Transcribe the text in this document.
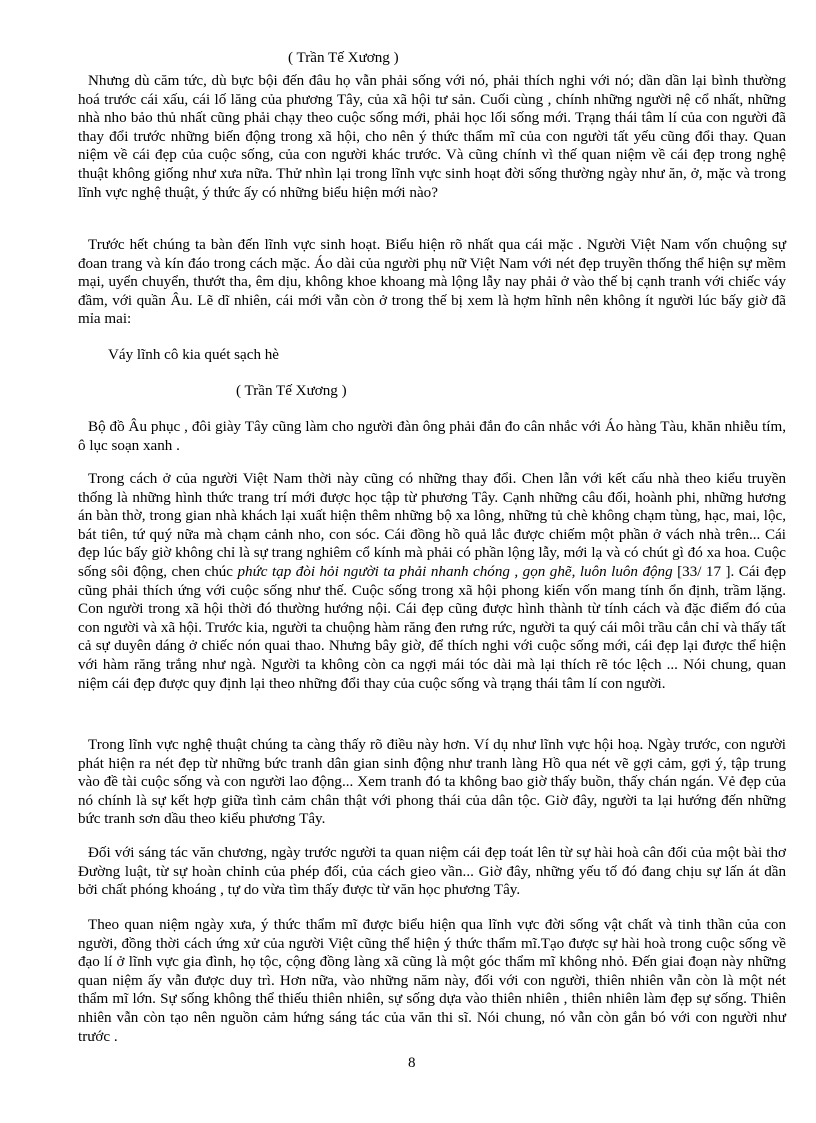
( Trần Tế Xương )

Nhưng dù căm tức, dù bực bội đến đâu họ vẫn phải sống với nó, phải thích nghi với nó; dần dần lại bình thường hoá trước cái xấu, cái lố lăng của phương Tây, của xã hội tư sản. Cuối cùng , chính những người nệ cổ nhất, những nhà nho bảo thủ nhất cũng phải chạy theo cuộc sống mới, phải học lối sống mới. Trạng thái tâm lí của con người đã thay đổi trước những biến động trong xã hội, cho nên ý thức thẩm mĩ của con người tất yếu cũng đổi thay. Quan niệm về cái đẹp của cuộc sống, của con người khác trước. Và cũng chính vì thế quan niệm về cái đẹp trong nghệ thuật không giống như xưa nữa. Thử nhìn lại trong lĩnh vực sinh hoạt đời sống thường ngày như ăn, ở, mặc và trong lĩnh vực nghệ thuật, ý thức ấy có những biểu hiện mới nào?

Trước hết chúng ta bàn đến lĩnh vực sinh hoạt. Biểu hiện rõ nhất qua cái mặc . Người Việt Nam vốn chuộng sự đoan trang và kín đáo trong cách mặc. Áo dài của người phụ nữ Việt Nam với nét đẹp truyền thống thể hiện sự mềm mại, uyển chuyển, thướt tha, êm dịu, không khoe khoang mà lộng lẫy nay phải ở vào thế bị cạnh tranh với chiếc váy đầm, với quần Âu. Lẽ dĩ nhiên, cái mới vẫn còn ở trong thế bị xem là hợm hĩnh nên không ít người lúc bấy giờ đã mỉa mai:

Váy lĩnh cô kia quét sạch hè
( Trần Tế Xương )

Bộ đồ Âu phục , đôi giày Tây cũng làm cho người đàn ông phải đắn đo cân nhắc với Áo hàng Tàu, khăn nhiễu tím, ô lục soạn xanh .

Trong cách ở của người Việt Nam thời này cũng có những thay đổi. Chen lẫn với kết cấu nhà theo kiểu truyền thống là những hình thức trang trí mới được học tập từ phương Tây. Cạnh những câu đối, hoành phi, những hương án bàn thờ, trong gian nhà khách lại xuất hiện thêm những bộ xa lông, những tủ chè không chạm tùng, hạc, mai, lộc, bát tiên, tứ quý nữa mà chạm cảnh nho, con sóc. Cái đồng hồ quả lắc được chiếm một phần ở vách nhà trên... Cái đẹp lúc bấy giờ không chỉ là sự trang nghiêm cổ kính mà phải có phần lộng lẫy, mới lạ và có chút gì đó xa hoa. Cuộc sống sôi động, chen chúc phức tạp đòi hỏi người ta phải nhanh chóng , gọn ghẽ, luôn luôn động [33/ 17 ]. Cái đẹp cũng phải thích ứng với cuộc sống như thế. Cuộc sống trong xã hội phong kiến vốn mang tính ổn định, trầm lặng. Con người trong xã hội thời đó thường hướng nội. Cái đẹp cũng được hình thành từ tính cách và đặc điểm đó của con người và xã hội. Trước kia, người ta chuộng hàm răng đen rưng rức, người ta quý cái môi trầu cắn chỉ và thấy tất cả sự duyên dáng ở chiếc nón quai thao. Nhưng bây giờ, để thích nghi với cuộc sống mới, cái đẹp lại được thể hiện với hàm răng trắng như ngà. Người ta không còn ca ngợi mái tóc dài mà lại thích rẽ tóc lệch ... Nói chung, quan niệm cái đẹp được quy định lại theo những đổi thay của cuộc sống và trạng thái tâm lí con người.

Trong lĩnh vực nghệ thuật chúng ta càng thấy rõ điều này hơn. Ví dụ như lĩnh vực hội hoạ. Ngày trước, con người phát hiện ra nét đẹp từ những bức tranh dân gian sinh động như tranh làng Hồ qua nét vẽ gợi cảm, gợi ý, tập trung vào đề tài cuộc sống và con người lao động... Xem tranh đó ta không bao giờ thấy buồn, thấy chán ngán. Vẻ đẹp của nó chính là sự kết hợp giữa tình cảm chân thật với phong thái của dân tộc. Giờ đây, người ta lại hướng đến những bức tranh sơn dầu theo kiểu phương Tây.

Đối với sáng tác văn chương, ngày trước người ta quan niệm cái đẹp toát lên từ sự hài hoà cân đối của một bài thơ Đường luật, từ sự hoàn chỉnh của phép đối, của cách gieo vần... Giờ đây, những yếu tố đó đang chịu sự lấn át dần bởi chất phóng khoáng , tự do vừa tìm thấy được từ văn học phương Tây.

Theo quan niệm ngày xưa, ý thức thẩm mĩ được biểu hiện qua lĩnh vực đời sống vật chất và tinh thần của con người, đồng thời cách ứng xử của người Việt cũng thể hiện ý thức thẩm mĩ.Tạo được sự hài hoà trong cuộc sống về đạo lí ở lĩnh vực gia đình, họ tộc, cộng đồng làng xã cũng là một góc thẩm mĩ không nhỏ. Đến giai đoạn này những quan niệm ấy vẫn được duy trì. Hơn nữa, vào những năm này, đối với con người, thiên nhiên vẫn còn là một nét thẩm mĩ lớn. Sự sống không thể thiếu thiên nhiên, sự sống dựa vào thiên nhiên , thiên nhiên làm đẹp sự sống. Thiên nhiên vẫn còn tạo nên nguồn cảm hứng sáng tác của văn thi sĩ. Nói chung, nó vẫn còn gắn bó với con người như trước .

8
